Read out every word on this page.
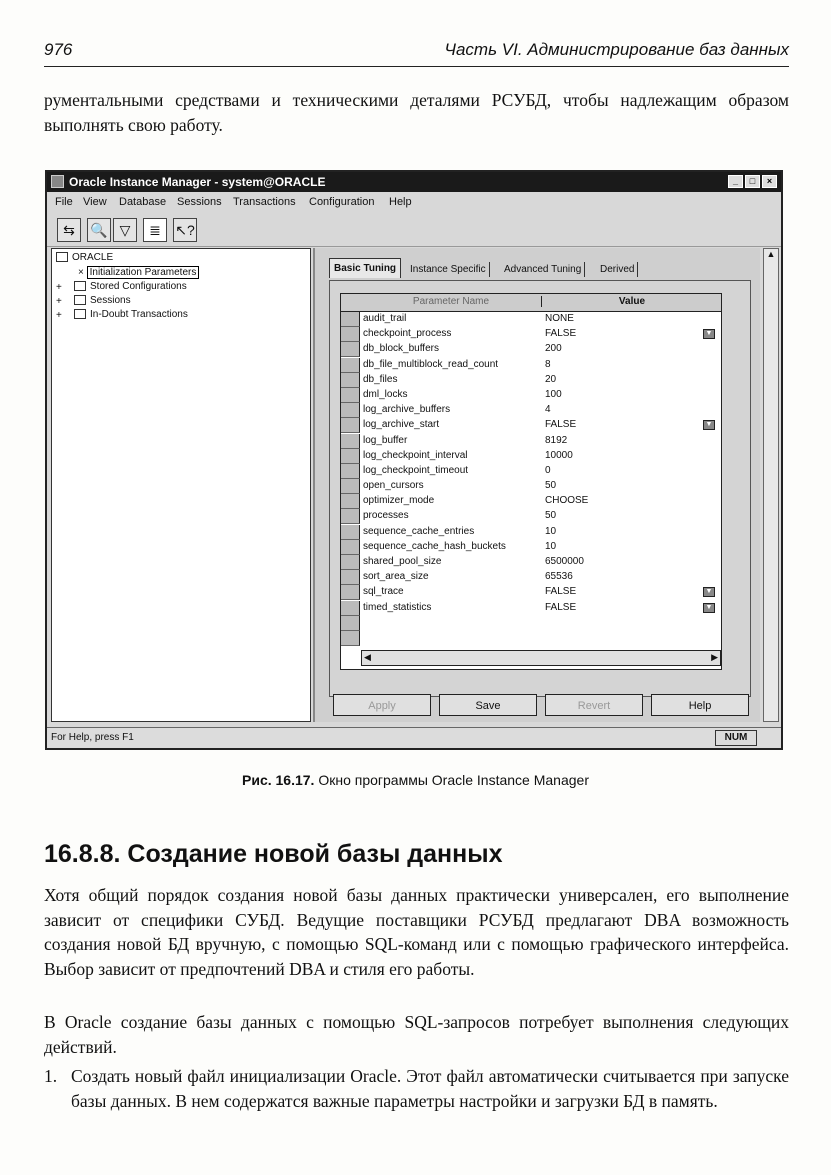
976	Часть VI. Администрирование баз данных

рументальными средствами и техническими деталями РСУБД, чтобы надлежащим образом выполнять свою работу.

Oracle Instance Manager - system@ORACLE	_	□	×
File View Database Sessions Transactions Configuration Help
⇆	🔍 ▽	≣	↖?
ORACLE
× Initialization Parameters
+	Stored Configurations
+	Sessions
+	In-Doubt Transactions
Basic Tuning	Instance Specific	Advanced Tuning	Derived
Parameter Name	Value
audit_trail	NONE
checkpoint_process	FALSE	▼
db_block_buffers	200
db_file_multiblock_read_count	8
db_files	20
dml_locks	100
log_archive_buffers	4
log_archive_start	FALSE	▼
log_buffer	8192
log_checkpoint_interval	10000
log_checkpoint_timeout	0
open_cursors	50
optimizer_mode	CHOOSE
processes	50
sequence_cache_entries	10
sequence_cache_hash_buckets	10
shared_pool_size	6500000
sort_area_size	65536
sql_trace	FALSE	▼
timed_statistics	FALSE	▼
◀	▶
Apply	Save	Revert	Help
▲
For Help, press F1	NUM
Рис. 16.17. Окно программы Oracle Instance Manager
16.8.8. Создание новой базы данных

Хотя общий порядок создания новой базы данных практически универсален, его выполнение зависит от специфики СУБД. Ведущие поставщики РСУБД предлагают DBA возможность создания новой БД вручную, с помощью SQL-команд или с помощью графического интерфейса. Выбор зависит от предпочтений DBA и стиля его работы.

В Oracle создание базы данных с помощью SQL-запросов потребует выполнения следующих действий.

1. Создать новый файл инициализации Oracle. Этот файл автоматически считывается при запуске базы данных. В нем содержатся важные параметры настройки и загрузки БД в память.
